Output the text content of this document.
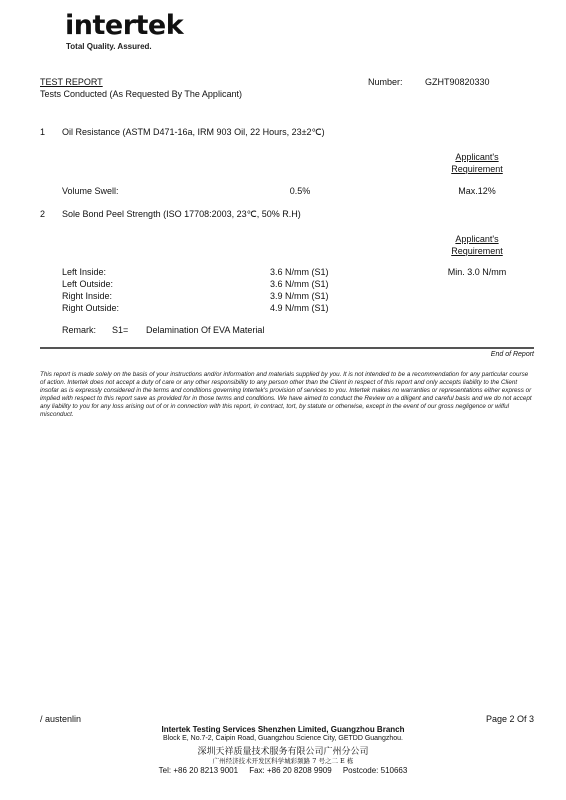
intertek
Total Quality. Assured.
TEST REPORT
Tests Conducted (As Requested By The Applicant)
Number: GZHT90820330
1 Oil Resistance (ASTM D471-16a, IRM 903 Oil, 22 Hours, 23±2℃)
Applicant's
Requirement
Volume Swell:	0.5%	Max.12%
2 Sole Bond Peel Strength (ISO 17708:2003, 23℃, 50% R.H)
Applicant's
Requirement
Left Inside:	3.6 N/mm (S1)	Min. 3.0 N/mm
Left Outside:	3.6 N/mm (S1)
Right Inside:	3.9 N/mm (S1)
Right Outside:	4.9 N/mm (S1)
Remark: S1= Delamination Of EVA Material
End of Report
This report is made solely on the basis of your instructions and/or information and materials supplied by you. It is not intended to be a recommendation for any particular course of action. Intertek does not accept a duty of care or any other responsibility to any person other than the Client in respect of this report and only accepts liability to the Client insofar as is expressly considered in the terms and conditions governing Intertek's provision of services to you. Intertek makes no warranties or representations either express or implied with respect to this report save as provided for in those terms and conditions. We have aimed to conduct the Review on a diligent and careful basis and we do not accept any liability to you for any loss arising out of or in connection with this report, in contract, tort, by statute or otherwise, except in the event of our gross negligence or wilful misconduct.
/ austenlin	Page 2 Of 3
Intertek Testing Services Shenzhen Limited, Guangzhou Branch
Block E, No.7-2, Caipin Road, Guangzhou Science City, GETDD Guangzhou.
深圳天祥质量技术服务有限公司广州分公司
广州经济技术开发区科学城彩频路 7 号之二 E 栋
Tel: +86 20 8213 9001     Fax: +86 20 8208 9909     Postcode: 510663
